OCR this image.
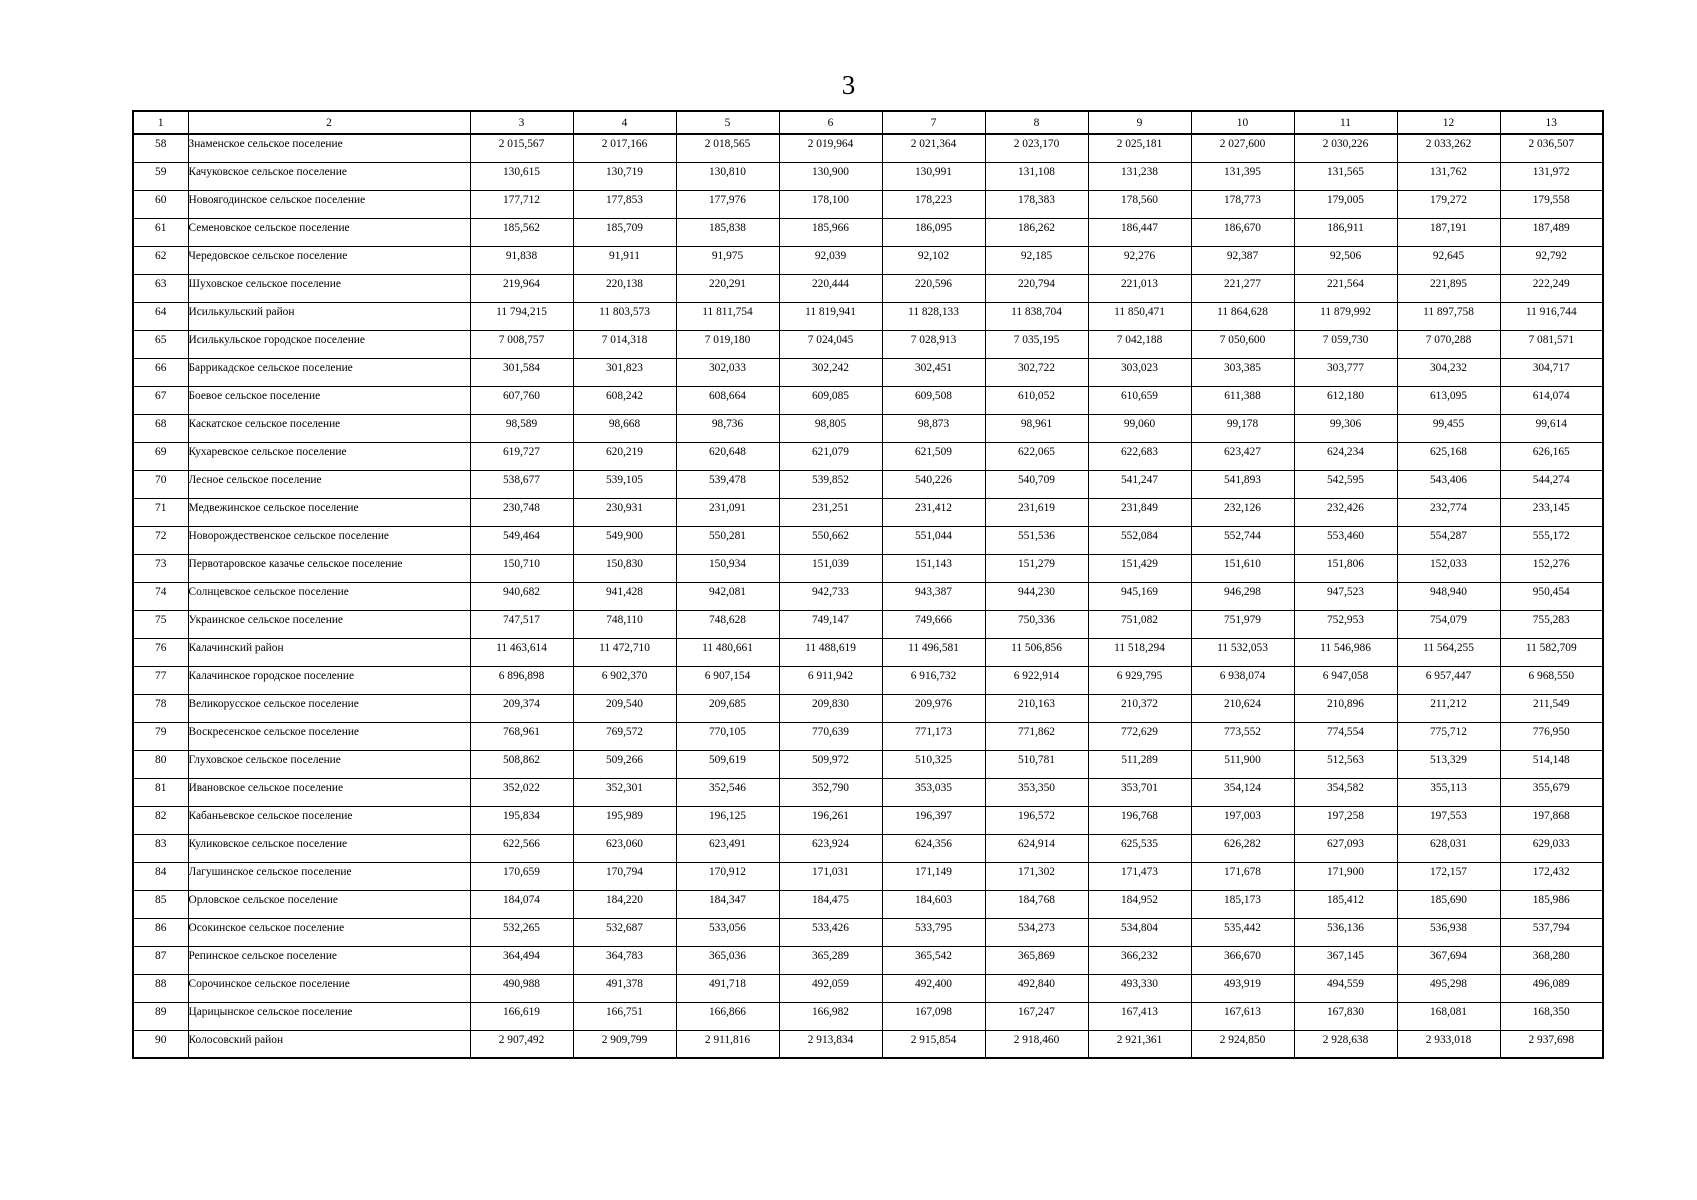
3
1	2	3	4	5	6	7	8	9	10	11	12	13
58	Знаменское сельское поселение	2 015,567	2 017,166	2 018,565	2 019,964	2 021,364	2 023,170	2 025,181	2 027,600	2 030,226	2 033,262	2 036,507
59	Качуковское сельское поселение	130,615	130,719	130,810	130,900	130,991	131,108	131,238	131,395	131,565	131,762	131,972
60	Новоягодинское сельское поселение	177,712	177,853	177,976	178,100	178,223	178,383	178,560	178,773	179,005	179,272	179,558
61	Семеновское сельское поселение	185,562	185,709	185,838	185,966	186,095	186,262	186,447	186,670	186,911	187,191	187,489
62	Чередовское сельское поселение	91,838	91,911	91,975	92,039	92,102	92,185	92,276	92,387	92,506	92,645	92,792
63	Шуховское сельское поселение	219,964	220,138	220,291	220,444	220,596	220,794	221,013	221,277	221,564	221,895	222,249
64	Исилькульский район	11 794,215	11 803,573	11 811,754	11 819,941	11 828,133	11 838,704	11 850,471	11 864,628	11 879,992	11 897,758	11 916,744
65	Исилькульское городское поселение	7 008,757	7 014,318	7 019,180	7 024,045	7 028,913	7 035,195	7 042,188	7 050,600	7 059,730	7 070,288	7 081,571
66	Баррикадское сельское поселение	301,584	301,823	302,033	302,242	302,451	302,722	303,023	303,385	303,777	304,232	304,717
67	Боевое сельское поселение	607,760	608,242	608,664	609,085	609,508	610,052	610,659	611,388	612,180	613,095	614,074
68	Каскатское сельское поселение	98,589	98,668	98,736	98,805	98,873	98,961	99,060	99,178	99,306	99,455	99,614
69	Кухаревское сельское поселение	619,727	620,219	620,648	621,079	621,509	622,065	622,683	623,427	624,234	625,168	626,165
70	Лесное сельское поселение	538,677	539,105	539,478	539,852	540,226	540,709	541,247	541,893	542,595	543,406	544,274
71	Медвежинское сельское поселение	230,748	230,931	231,091	231,251	231,412	231,619	231,849	232,126	232,426	232,774	233,145
72	Новорождественское сельское поселение	549,464	549,900	550,281	550,662	551,044	551,536	552,084	552,744	553,460	554,287	555,172
73	Первотаровское казачье сельское поселение	150,710	150,830	150,934	151,039	151,143	151,279	151,429	151,610	151,806	152,033	152,276
74	Солнцевское сельское поселение	940,682	941,428	942,081	942,733	943,387	944,230	945,169	946,298	947,523	948,940	950,454
75	Украинское сельское поселение	747,517	748,110	748,628	749,147	749,666	750,336	751,082	751,979	752,953	754,079	755,283
76	Калачинский район	11 463,614	11 472,710	11 480,661	11 488,619	11 496,581	11 506,856	11 518,294	11 532,053	11 546,986	11 564,255	11 582,709
77	Калачинское городское поселение	6 896,898	6 902,370	6 907,154	6 911,942	6 916,732	6 922,914	6 929,795	6 938,074	6 947,058	6 957,447	6 968,550
78	Великорусское сельское поселение	209,374	209,540	209,685	209,830	209,976	210,163	210,372	210,624	210,896	211,212	211,549
79	Воскресенское сельское поселение	768,961	769,572	770,105	770,639	771,173	771,862	772,629	773,552	774,554	775,712	776,950
80	Глуховское сельское поселение	508,862	509,266	509,619	509,972	510,325	510,781	511,289	511,900	512,563	513,329	514,148
81	Ивановское сельское поселение	352,022	352,301	352,546	352,790	353,035	353,350	353,701	354,124	354,582	355,113	355,679
82	Кабаньевское сельское поселение	195,834	195,989	196,125	196,261	196,397	196,572	196,768	197,003	197,258	197,553	197,868
83	Куликовское сельское поселение	622,566	623,060	623,491	623,924	624,356	624,914	625,535	626,282	627,093	628,031	629,033
84	Лагушинское сельское поселение	170,659	170,794	170,912	171,031	171,149	171,302	171,473	171,678	171,900	172,157	172,432
85	Орловское сельское поселение	184,074	184,220	184,347	184,475	184,603	184,768	184,952	185,173	185,412	185,690	185,986
86	Осокинское сельское поселение	532,265	532,687	533,056	533,426	533,795	534,273	534,804	535,442	536,136	536,938	537,794
87	Репинское сельское поселение	364,494	364,783	365,036	365,289	365,542	365,869	366,232	366,670	367,145	367,694	368,280
88	Сорочинское сельское поселение	490,988	491,378	491,718	492,059	492,400	492,840	493,330	493,919	494,559	495,298	496,089
89	Царицынское сельское поселение	166,619	166,751	166,866	166,982	167,098	167,247	167,413	167,613	167,830	168,081	168,350
90	Колосовский район	2 907,492	2 909,799	2 911,816	2 913,834	2 915,854	2 918,460	2 921,361	2 924,850	2 928,638	2 933,018	2 937,698
